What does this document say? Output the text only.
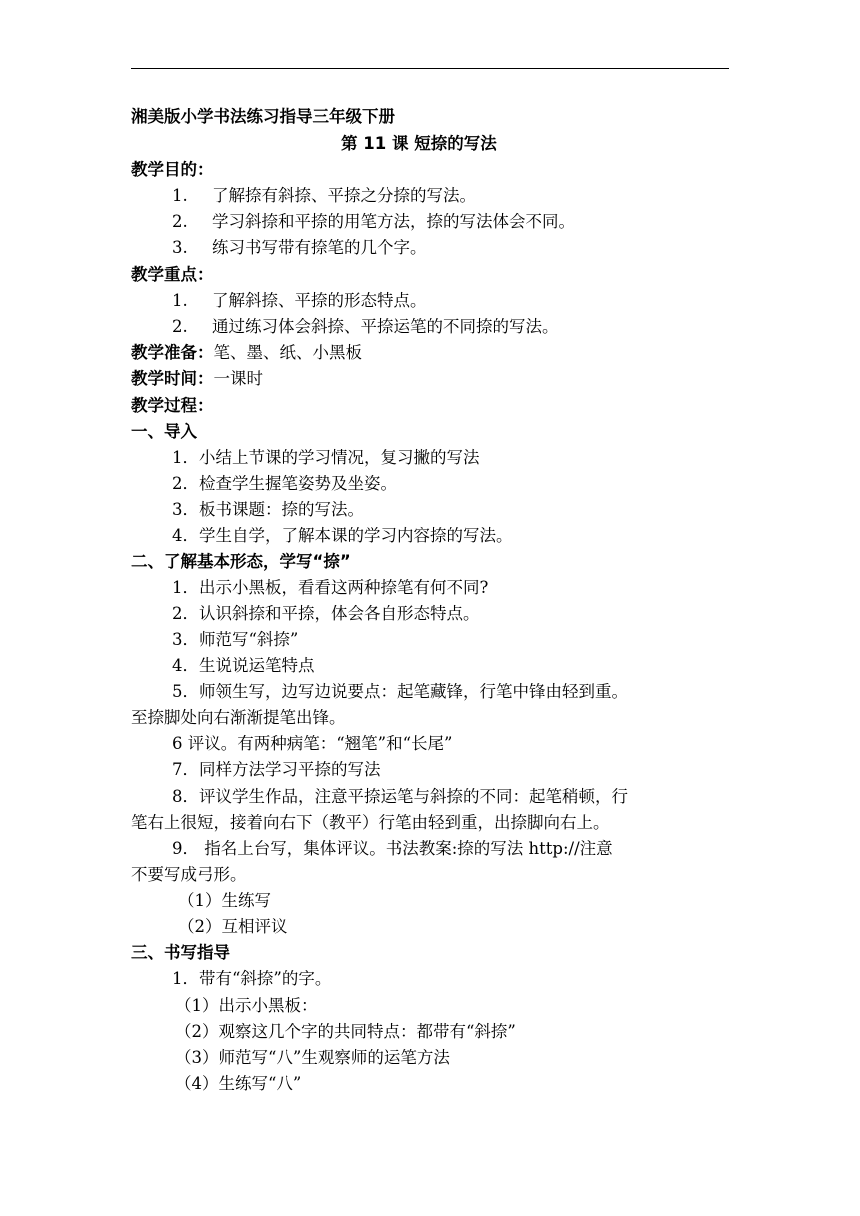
湘美版小学书法练习指导三年级下册
第 11 课 短捺的写法
教学目的：
1. 了解捺有斜捺、平捺之分捺的写法。
2. 学习斜捺和平捺的用笔方法，捺的写法体会不同。
3. 练习书写带有捺笔的几个字。
教学重点：
1. 了解斜捺、平捺的形态特点。
2. 通过练习体会斜捺、平捺运笔的不同捺的写法。
教学准备：笔、墨、纸、小黑板
教学时间：一课时
教学过程：
一、导入
1．小结上节课的学习情况，复习撇的写法
2．检查学生握笔姿势及坐姿。
3．板书课题：捺的写法。
4．学生自学，了解本课的学习内容捺的写法。
二、了解基本形态，学写“捺”
1．出示小黑板，看看这两种捺笔有何不同?
2．认识斜捺和平捺，体会各自形态特点。
3．师范写“斜捺”
4．生说说运笔特点
5．师领生写，边写边说要点：起笔藏锋，行笔中锋由轻到重。
至捺脚处向右渐渐提笔出锋。
6 评议。有两种病笔：“翘笔”和“长尾”
7．同样方法学习平捺的写法
8．评议学生作品，注意平捺运笔与斜捺的不同：起笔稍顿，行
笔右上很短，接着向右下（教平）行笔由轻到重，出捺脚向右上。
9． 指名上台写，集体评议。书法教案:捺的写法 http://注意
不要写成弓形。
（1）生练写
（2）互相评议
三、书写指导
1．带有“斜捺”的字。
（1）出示小黑板：
（2）观察这几个字的共同特点：都带有“斜捺”
（3）师范写“八”生观察师的运笔方法
（4）生练写“八”
